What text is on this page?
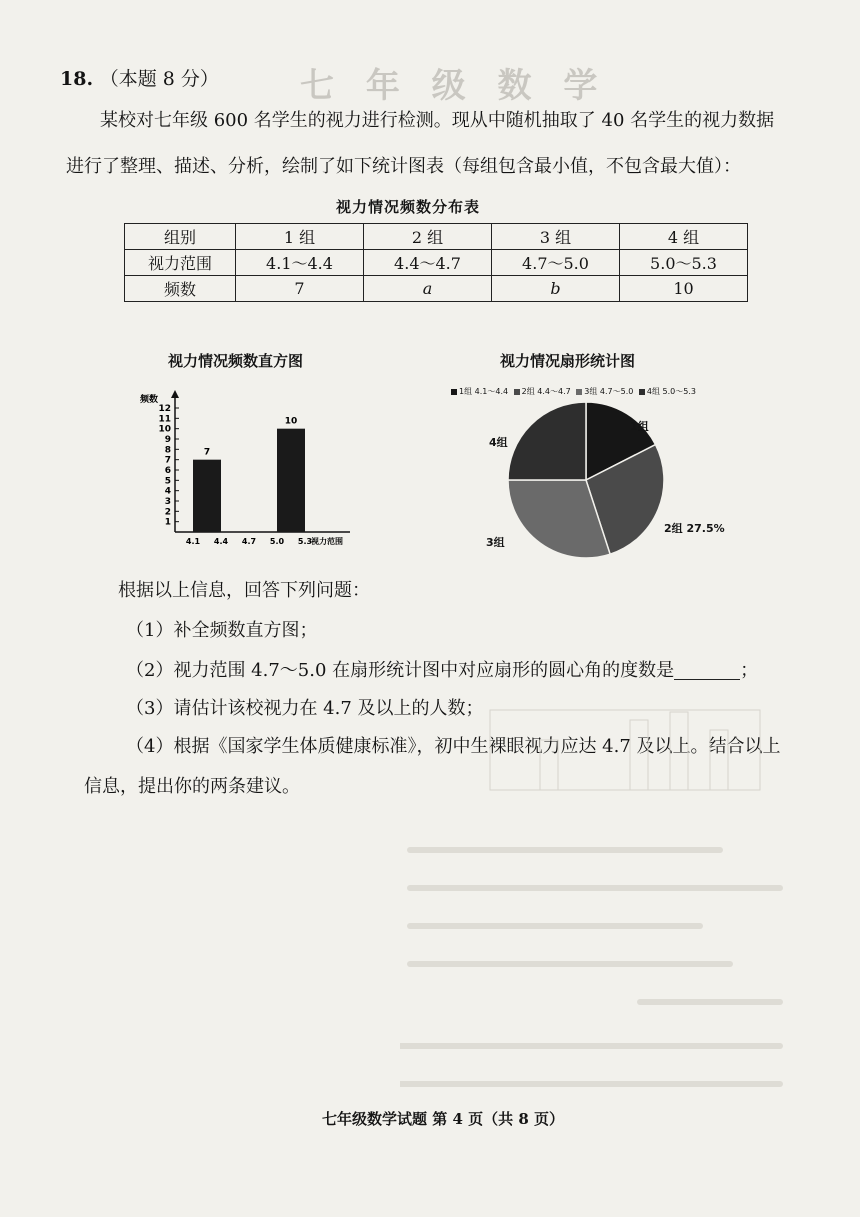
七 年 级 数 学
18. （本题 8 分）
某校对七年级 600 名学生的视力进行检测。现从中随机抽取了 40 名学生的视力数据
进行了整理、描述、分析，绘制了如下统计图表（每组包含最小值，不包含最大值）：
视力情况频数分布表
组别	1 组	2 组	3 组	4 组
视力范围	4.1～4.4	4.4～4.7	4.7～5.0	5.0～5.3
频数	7	a	b	10
视力情况频数直方图	视力情况扇形统计图
频数
1
2
3
4
5
6
7
8
9
10
11
12
4.1 4.4 4.7 5.0 5.3
视力范围
7
10
1组 4.1～4.4 2组 4.4～4.7 3组 4.7～5.0 4组 5.0～5.3
1组
2组 27.5%
3组
4组
根据以上信息，回答下列问题：
（1）补全频数直方图；
（2）视力范围 4.7～5.0 在扇形统计图中对应扇形的圆心角的度数是	；
（3）请估计该校视力在 4.7 及以上的人数；
（4）根据《国家学生体质健康标准》，初中生裸眼视力应达 4.7 及以上。结合以上
信息，提出你的两条建议。
七年级数学试题 第 4 页（共 8 页）
